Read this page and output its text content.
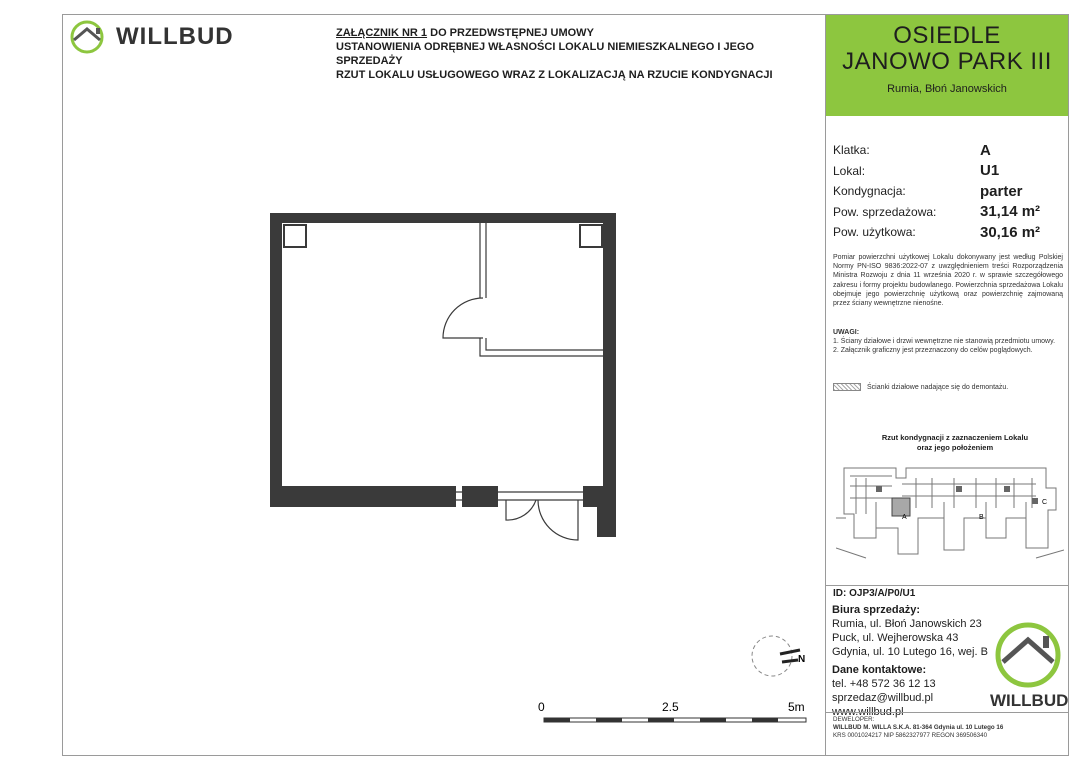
WILLBUD	ZAŁĄCZNIK NR 1 DO PRZEDWSTĘPNEJ UMOWY
USTANOWIENIA ODRĘBNEJ WŁASNOŚCI LOKALU NIEMIESZKALNEGO I JEGO SPRZEDAŻY
RZUT LOKALU USŁUGOWEGO WRAZ Z LOKALIZACJĄ NA RZUCIE KONDYGNACJI
OSIEDLE
JANOWO PARK III
Rumia, Błoń Janowskich
Klatka:	A
Lokal:	U1
Kondygnacja:	parter
Pow. sprzedażowa:	31,14 m²
Pow. użytkowa:	30,16 m²
Pomiar powierzchni użytkowej Lokalu dokonywany jest według Polskiej Normy PN-ISO 9836:2022-07 z uwzględnieniem treści Rozporządzenia Ministra Rozwoju z dnia 11 września 2020 r. w sprawie szczegółowego zakresu i formy projektu budowlanego. Powierzchnia sprzedażowa Lokalu obejmuje jego powierzchnię użytkową oraz powierzchnię zajmowaną przez ściany wewnętrzne nienośne.
UWAGI:
1. Ściany działowe i drzwi wewnętrzne nie stanowią przedmiotu umowy.
2. Załącznik graficzny jest przeznaczony do celów poglądowych.
Ścianki działowe nadające się do demontażu.
Rzut kondygnacji z zaznaczeniem Lokalu
oraz jego położeniem
A	B
C
ID: OJP3/A/P0/U1
Biura sprzedaży:
Rumia, ul. Błoń Janowskich 23
Puck, ul. Wejherowska 43
Gdynia, ul. 10 Lutego 16, wej. B
Dane kontaktowe:
tel. +48 572 36 12 13
sprzedaz@willbud.pl
www.willbud.pl
WILLBUD
DEWELOPER:
WILLBUD M. WILLA S.K.A. 81-364 Gdynia ul. 10 Lutego 16
KRS 0001024217 NIP 5862327977 REGON 369506340
N
0	2.5	5m
